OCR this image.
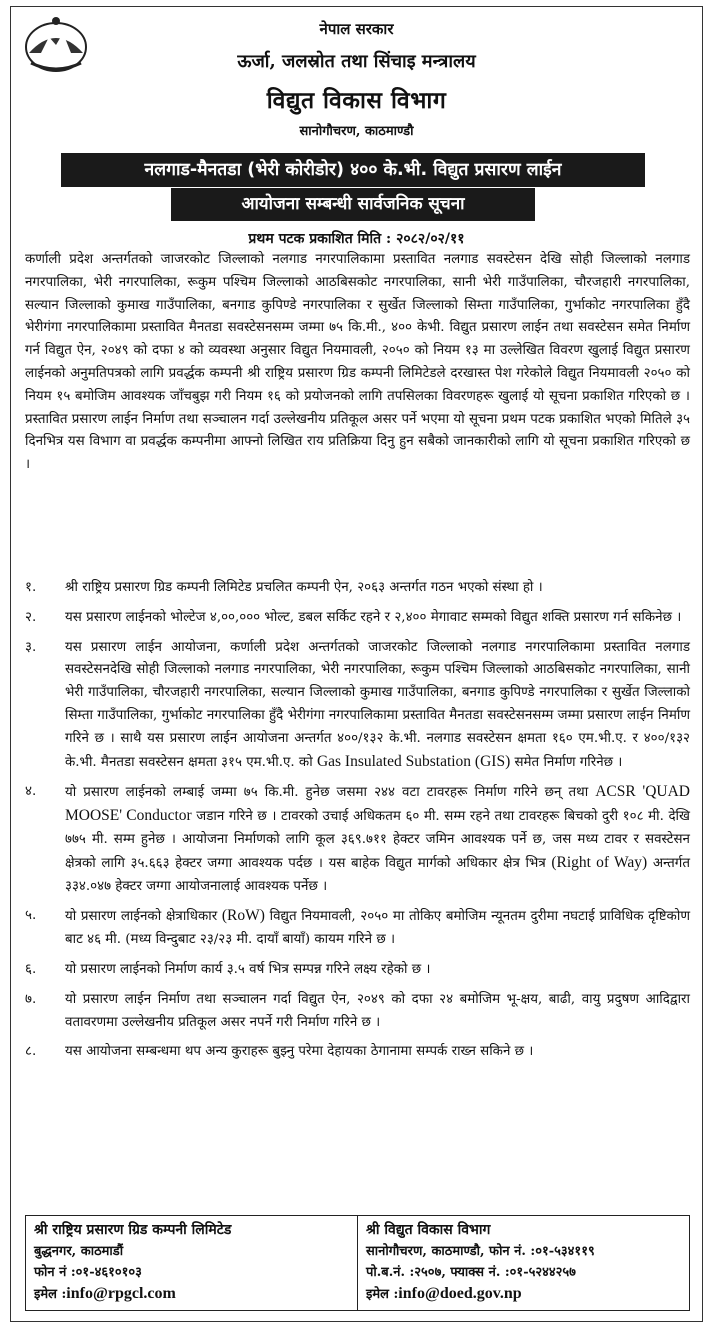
नेपाल सरकार
ऊर्जा, जलस्रोत तथा सिंचाइ मन्त्रालय
विद्युत विकास विभाग
सानोगौचरण, काठमाण्डौ
नलगाड-मैनतडा (भेरी कोरीडोर) ४०० के.भी. विद्युत प्रसारण लाईन
आयोजना सम्बन्धी सार्वजनिक सूचना
प्रथम पटक प्रकाशित मिति : २०८२/०२/११
कर्णाली प्रदेश अन्तर्गतको जाजरकोट जिल्लाको नलगाड नगरपालिकामा प्रस्तावित नलगाड सवस्टेसन देखि सोही जिल्लाको नलगाड नगरपालिका, भेरी नगरपालिका, रूकुम पश्चिम जिल्लाको आठबिसकोट नगरपालिका, सानी भेरी गाउँपालिका, चौरजहारी नगरपालिका, सल्यान जिल्लाको कुमाख गाउँपालिका, बनगाड कुपिण्डे नगरपालिका र सुर्खेत जिल्लाको सिम्ता गाउँपालिका, गुर्भाकोट नगरपालिका हुँदै भेरीगंगा नगरपालिकामा प्रस्तावित मैनतडा सवस्टेसनसम्म जम्मा ७५ कि.मी., ४०० केभी. विद्युत प्रसारण लाईन तथा सवस्टेसन समेत निर्माण गर्न विद्युत ऐन, २०४९ को दफा ४ को व्यवस्था अनुसार विद्युत नियमावली, २०५० को नियम १३ मा उल्लेखित विवरण खुलाई विद्युत प्रसारण लाईनको अनुमतिपत्रको लागि प्रवर्द्धक कम्पनी श्री राष्ट्रिय प्रसारण ग्रिड कम्पनी लिमिटेडले दरखास्त पेश गरेकोले विद्युत नियमावली २०५० को नियम १५ बमोजिम आवश्यक जाँचबुझ गरी नियम १६ को प्रयोजनको लागि तपसिलका विवरणहरू खुलाई यो सूचना प्रकाशित गरिएको छ । प्रस्तावित प्रसारण लाईन निर्माण तथा सञ्चालन गर्दा उल्लेखनीय प्रतिकूल असर पर्ने भएमा यो सूचना प्रथम पटक प्रकाशित भएको मितिले ३५ दिनभित्र यस विभाग वा प्रवर्द्धक कम्पनीमा आफ्नो लिखित राय प्रतिक्रिया दिनु हुन सबैको जानकारीको लागि यो सूचना प्रकाशित गरिएको छ ।
१.	श्री राष्ट्रिय प्रसारण ग्रिड कम्पनी लिमिटेड प्रचलित कम्पनी ऐन, २०६३ अन्तर्गत गठन भएको संस्था हो ।
२.	यस प्रसारण लाईनको भोल्टेज ४,००,००० भोल्ट, डबल सर्किट रहने र २,४०० मेगावाट सम्मको विद्युत शक्ति प्रसारण गर्न सकिनेछ ।
३.	यस प्रसारण लाईन आयोजना, कर्णाली प्रदेश अन्तर्गतको जाजरकोट जिल्लाको नलगाड नगरपालिकामा प्रस्तावित नलगाड सवस्टेसनदेखि सोही जिल्लाको नलगाड नगरपालिका, भेरी नगरपालिका, रूकुम पश्चिम जिल्लाको आठबिसकोट नगरपालिका, सानी भेरी गाउँपालिका, चौरजहारी नगरपालिका, सल्यान जिल्लाको कुमाख गाउँपालिका, बनगाड कुपिण्डे नगरपालिका र सुर्खेत जिल्लाको सिम्ता गाउँपालिका, गुर्भाकोट नगरपालिका हुँदै भेरीगंगा नगरपालिकामा प्रस्तावित मैनतडा सवस्टेसनसम्म जम्मा प्रसारण लाईन निर्माण गरिने छ । साथै यस प्रसारण लाईन आयोजना अन्तर्गत ४००/१३२ के.भी. नलगाड सवस्टेसन क्षमता १६० एम.भी.ए. र ४००/१३२ के.भी. मैनतडा सवस्टेसन क्षमता ३१५ एम.भी.ए. को Gas Insulated Substation (GIS) समेत निर्माण गरिनेछ ।
४.	यो प्रसारण लाईनको लम्बाई जम्मा ७५ कि.मी. हुनेछ जसमा २४४ वटा टावरहरू निर्माण गरिने छन् तथा ACSR 'QUAD MOOSE' Conductor जडान गरिने छ । टावरको उचाई अधिकतम ६० मी. सम्म रहने तथा टावरहरू बिचको दुरी १०८ मी. देखि ७७५ मी. सम्म हुनेछ । आयोजना निर्माणको लागि कूल ३६९.७११ हेक्टर जमिन आवश्यक पर्ने छ, जस मध्य टावर र सवस्टेसन क्षेत्रको लागि ३५.६६३ हेक्टर जग्गा आवश्यक पर्दछ । यस बाहेक विद्युत मार्गको अधिकार क्षेत्र भित्र (Right of Way) अन्तर्गत ३३४.०४७ हेक्टर जग्गा आयोजनालाई आवश्यक पर्नेछ ।
५.	यो प्रसारण लाईनको क्षेत्राधिकार (RoW) विद्युत नियमावली, २०५० मा तोकिए बमोजिम न्यूनतम दुरीमा नघटाई प्राविधिक दृष्टिकोण बाट ४६ मी. (मध्य विन्दुबाट २३/२३ मी. दायाँ बायाँ) कायम गरिने छ ।
६.	यो प्रसारण लाईनको निर्माण कार्य ३.५ वर्ष भित्र सम्पन्न गरिने लक्ष्य रहेको छ ।
७.	यो प्रसारण लाईन निर्माण तथा सञ्चालन गर्दा विद्युत ऐन, २०४९ को दफा २४ बमोजिम भू-क्षय, बाढी, वायु प्रदुषण आदिद्वारा वतावरणमा उल्लेखनीय प्रतिकूल असर नपर्ने गरी निर्माण गरिने छ ।
८.	यस आयोजना सम्बन्धमा थप अन्य कुराहरू बुझ्नु परेमा देहायका ठेगानामा सम्पर्क राख्न सकिने छ ।
श्री राष्ट्रिय प्रसारण ग्रिड कम्पनी लिमिटेड
बुद्धनगर, काठमाडौं
फोन नं :०१-४६१०१०३
इमेल :info@rpgcl.com
श्री विद्युत विकास विभाग
सानोगौचरण, काठमाण्डौ, फोन नं. :०१-५३४११९
पो.ब.नं. :२५०७, फ्याक्स नं. :०१-५२४४२५७
इमेल :info@doed.gov.np
